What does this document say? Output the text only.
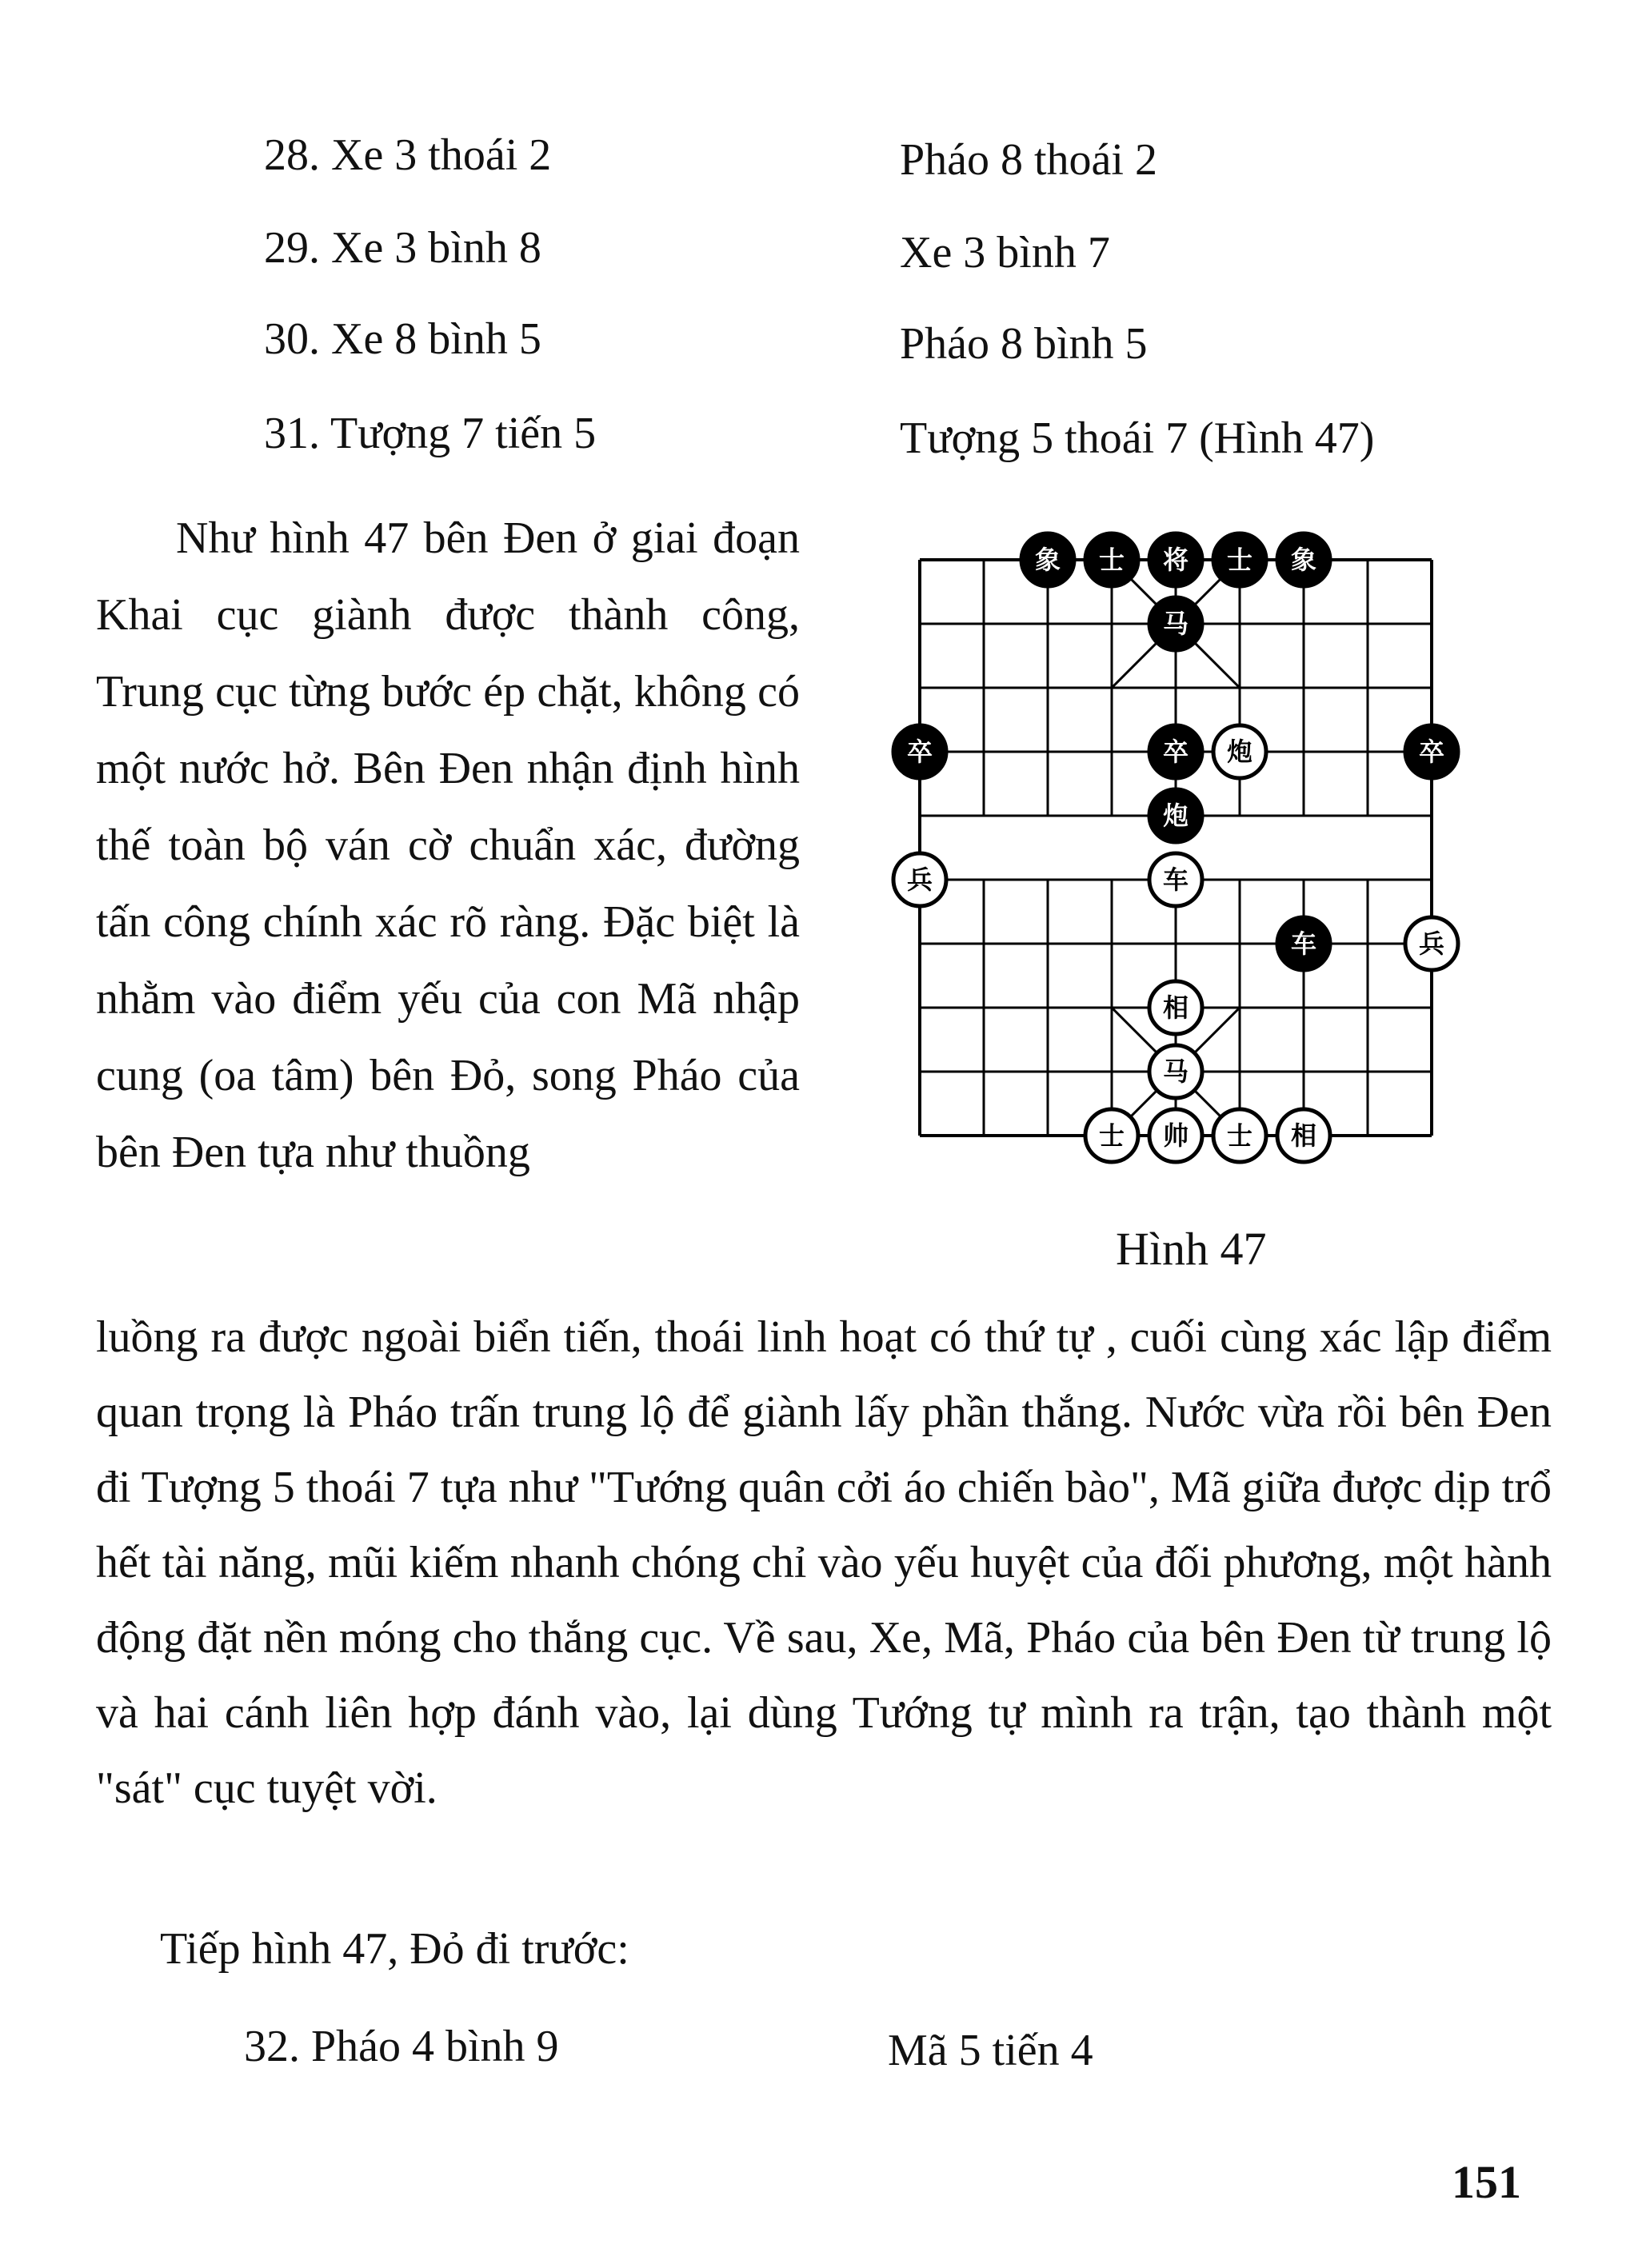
28. Xe 3 thoái 2	Pháo 8 thoái 2
29. Xe 3 bình 8	Xe 3 bình 7
30. Xe 8 bình 5	Pháo 8 bình 5
31. Tượng 7 tiến 5	Tượng 5 thoái 7 (Hình 47)

Như hình 47 bên Đen ở giai đoạn Khai cục giành được thành công, Trung cục từng bước ép chặt, không có một nước hở. Bên Đen nhận định hình thế toàn bộ ván cờ chuẩn xác, đường tấn công chính xác rõ ràng. Đặc biệt là nhằm vào điểm yếu của con Mã nhập cung (oa tâm) bên Đỏ, song Pháo của bên Đen tựa như thuồng

象 士 将 士 象
马
卒	卒 炮	卒
炮
兵	车
车	兵
相
马
士 帅 士 相
Hình 47

luồng ra được ngoài biển tiến, thoái linh hoạt có thứ tự , cuối cùng xác lập điểm quan trọng là Pháo trấn trung lộ để giành lấy phần thắng. Nước vừa rồi bên Đen đi Tượng 5 thoái 7 tựa như "Tướng quân cởi áo chiến bào", Mã giữa được dịp trổ hết tài năng, mũi kiếm nhanh chóng chỉ vào yếu huyệt của đối phương, một hành động đặt nền móng cho thắng cục. Về sau, Xe, Mã, Pháo của bên Đen từ trung lộ và hai cánh liên hợp đánh vào, lại dùng Tướng tự mình ra trận, tạo thành một "sát" cục tuyệt vời.

Tiếp hình 47, Đỏ đi trước:

32. Pháo 4 bình 9	Mã 5 tiến 4
151
